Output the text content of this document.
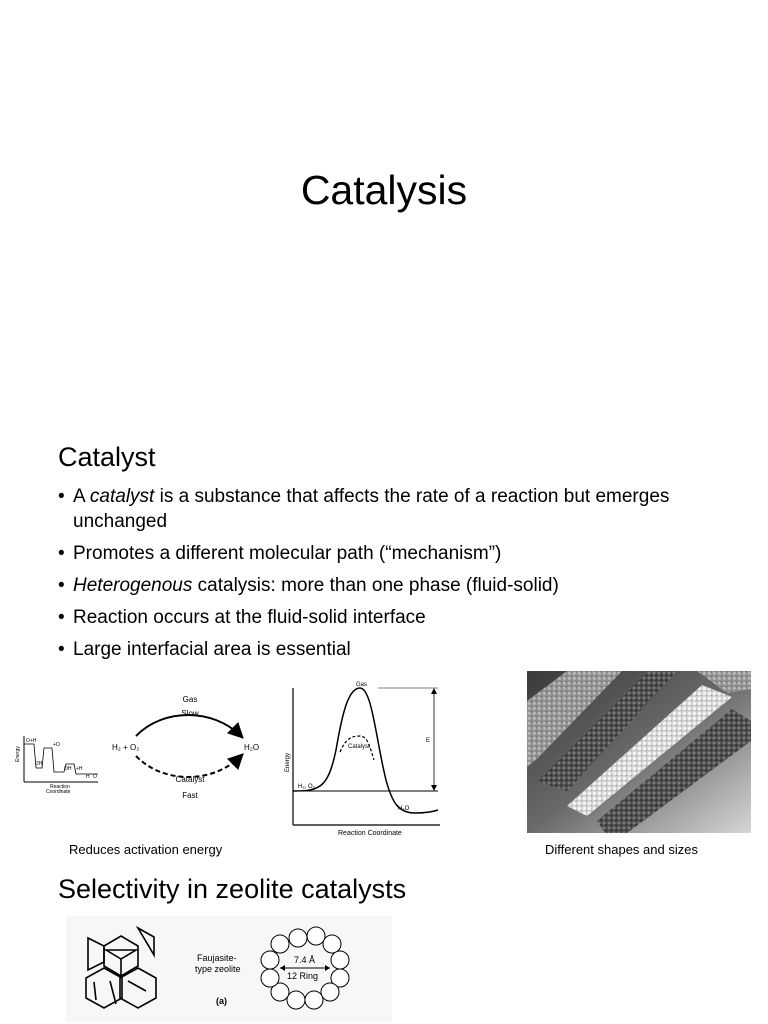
Catalysis
Catalyst
• A catalyst is a substance that affects the rate of a reaction but emerges unchanged
• Promotes a different molecular path (“mechanism”)
• Heterogenous catalysis: more than one phase (fluid-solid)
• Reaction occurs at the fluid-solid interface
• Large interfacial area is essential
Energy
O +H
2H
+O
OH +H
H O
Reaction
Coordinate
Gas
Slow
H₂ + O₂	H₂O
Catalyst
Fast
E
Gas
Catalyst
Energy
H₂, O₂
H₂O
Reaction Coordinate
Reduces activation energy	Different shapes and sizes
Selectivity in zeolite catalysts
Faujasite-
type zeolite
(a)
7.4 Å
12 Ring
